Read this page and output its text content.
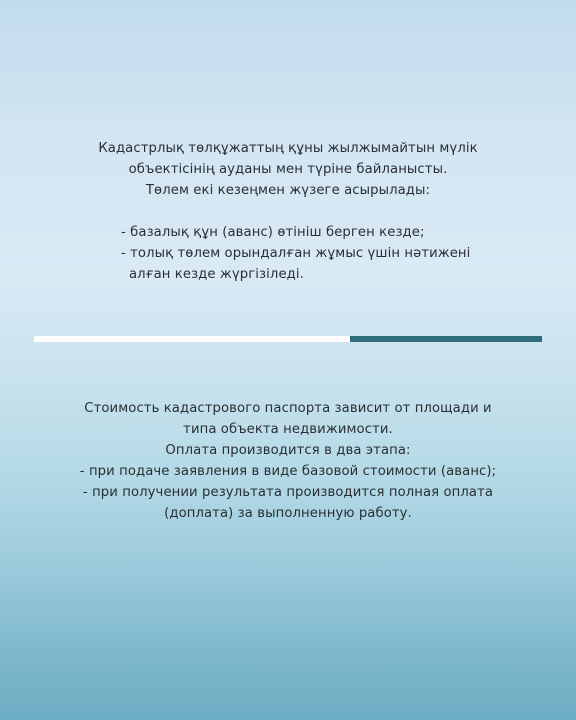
Кадастрлық төлқұжаттың құны жылжымайтын мүлік
объектісінің ауданы мен түріне байланысты.
Төлем екі кезеңмен жүзеге асырылады:
- базалық құн (аванс) өтініш берген кезде;
- толық төлем орындалған жұмыс үшін нәтижені
алған кезде жүргізіледі.
Стоимость кадастрового паспорта зависит от площади и
типа объекта недвижимости.
Оплата производится в два этапа:
- при подаче заявления в виде базовой стоимости (аванс);
- при получении результата производится полная оплата
(доплата) за выполненную работу.
